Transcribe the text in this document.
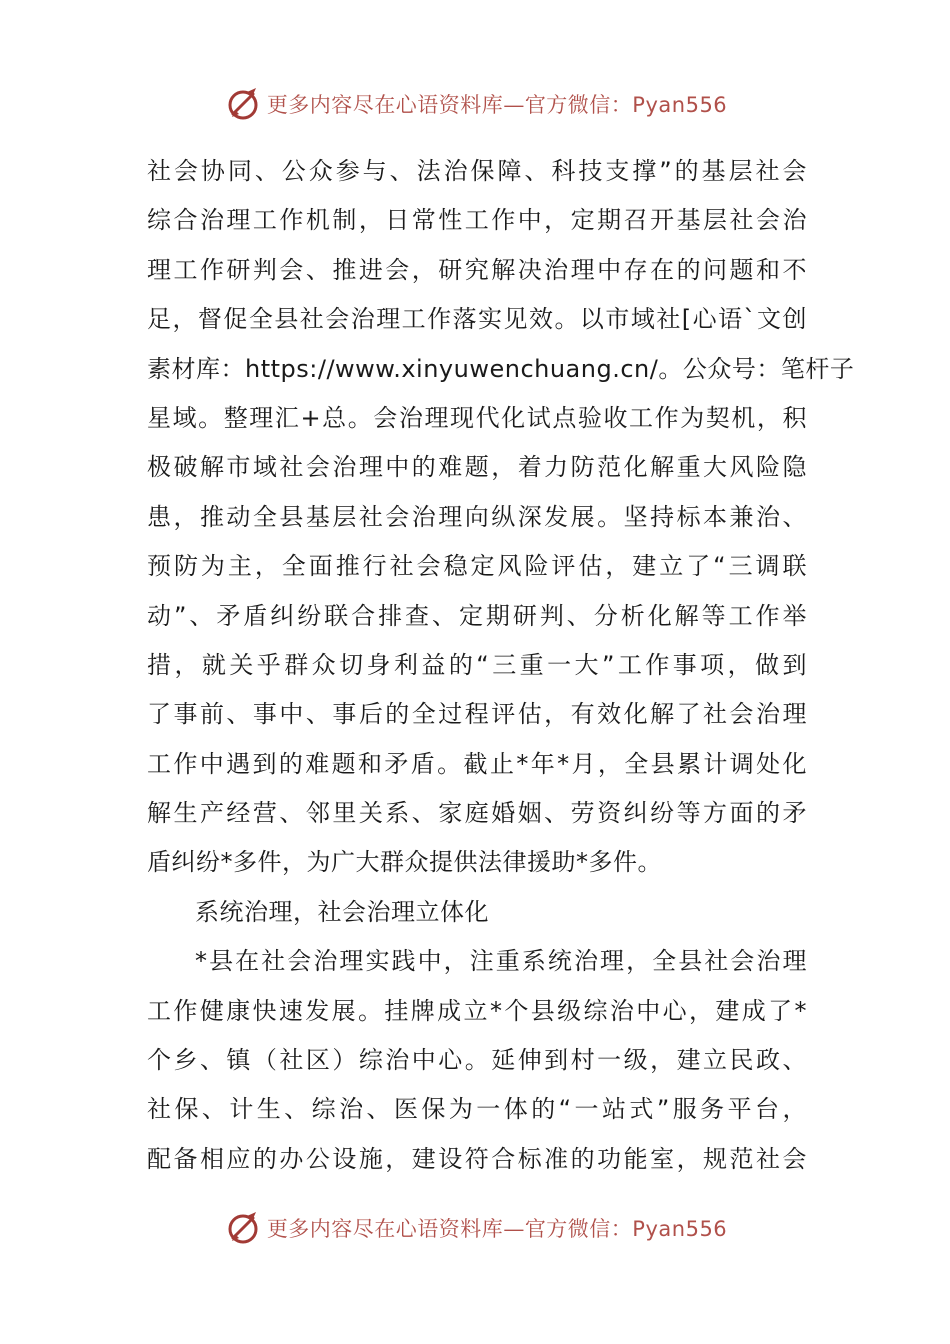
更多内容尽在心语资料库—官方微信：Pyan556
社会协同、公众参与、法治保障、科技支撑”的基层社会
综合治理工作机制，日常性工作中，定期召开基层社会治
理工作研判会、推进会，研究解决治理中存在的问题和不
足，督促全县社会治理工作落实见效。以市域社[心语`文创
素材库：https://www.xinyuwenchuang.cn/。公众号：笔杆子
星域。整理汇+总。会治理现代化试点验收工作为契机，积
极破解市域社会治理中的难题，着力防范化解重大风险隐
患，推动全县基层社会治理向纵深发展。坚持标本兼治、
预防为主，全面推行社会稳定风险评估，建立了“三调联
动”、矛盾纠纷联合排查、定期研判、分析化解等工作举
措，就关乎群众切身利益的“三重一大”工作事项，做到
了事前、事中、事后的全过程评估，有效化解了社会治理
工作中遇到的难题和矛盾。截止*年*月，全县累计调处化
解生产经营、邻里关系、家庭婚姻、劳资纠纷等方面的矛
盾纠纷*多件，为广大群众提供法律援助*多件。
系统治理，社会治理立体化
*县在社会治理实践中，注重系统治理，全县社会治理
工作健康快速发展。挂牌成立*个县级综治中心，建成了*
个乡、镇（社区）综治中心。延伸到村一级，建立民政、
社保、计生、综治、医保为一体的“一站式”服务平台，
配备相应的办公设施，建设符合标准的功能室，规范社会
更多内容尽在心语资料库—官方微信：Pyan556
